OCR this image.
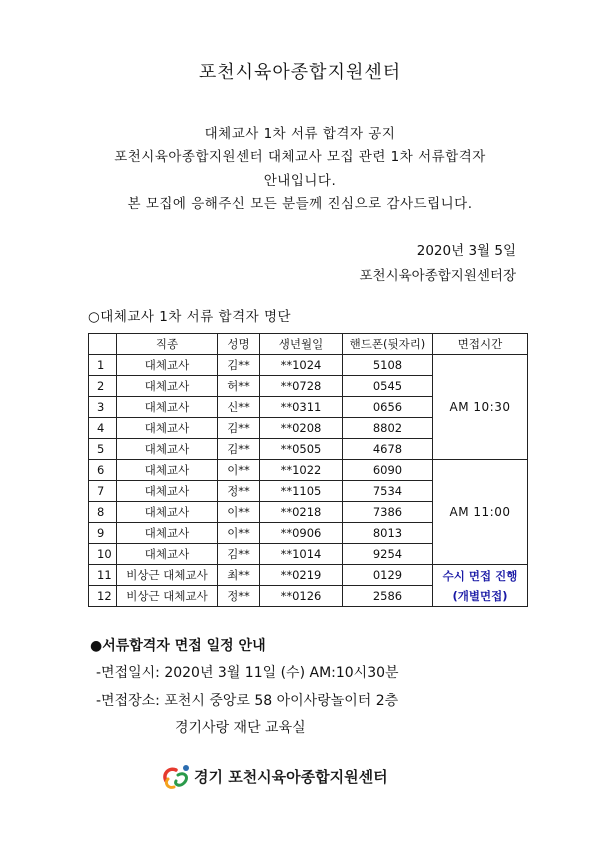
포천시육아종합지원센터
대체교사 1차 서류 합격자 공지
포천시육아종합지원센터 대체교사 모집 관련 1차 서류합격자
안내입니다.
본 모집에 응해주신 모든 분들께 진심으로 감사드립니다.
2020년 3월 5일
포천시육아종합지원센터장
○대체교사 1차 서류 합격자 명단
	직종	성명	생년월일	핸드폰(뒷자리)	면접시간
1	대체교사	김**	**1024	5108	AM 10:30
2	대체교사	허**	**0728	0545	
3	대체교사	신**	**0311	0656	
4	대체교사	김**	**0208	8802	
5	대체교사	김**	**0505	4678	
6	대체교사	이**	**1022	6090	AM 11:00
7	대체교사	정**	**1105	7534	
8	대체교사	이**	**0218	7386	
9	대체교사	이**	**0906	8013	
10	대체교사	김**	**1014	9254	
11	비상근 대체교사	최**	**0219	0129	수시 면접 진행
(개별면접)

12	비상근 대체교사	정**	**0126	2586	
●서류합격자 면접 일정 안내
-면접일시: 2020년 3월 11일 (수) AM:10시30분
-면접장소: 포천시 중앙로 58 아이사랑놀이터 2층
경기사랑 재단 교육실
경기 포천시육아종합지원센터
